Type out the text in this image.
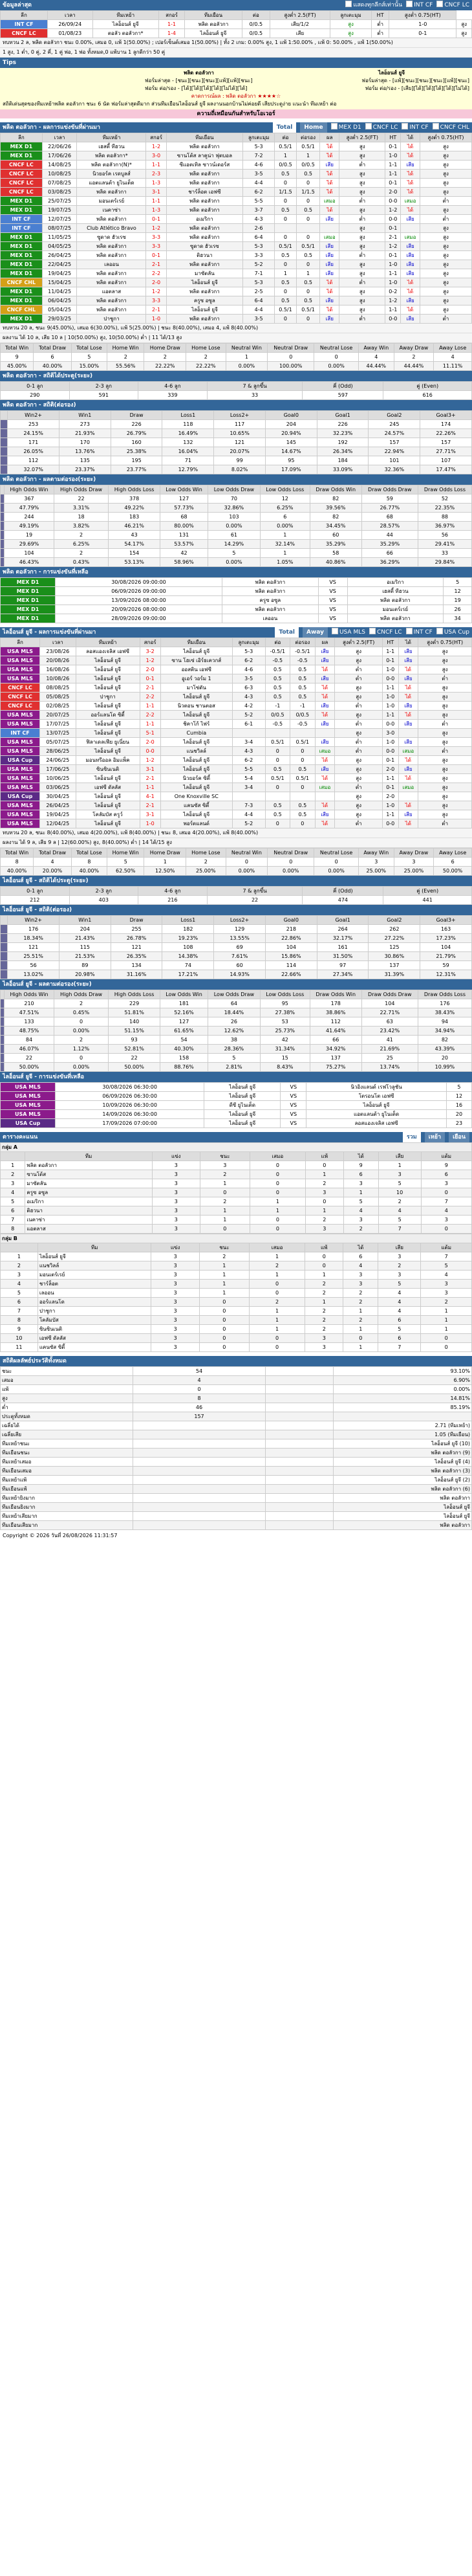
ข้อมูลล่าสุด	แสดงทุกลีกส์เท่านั้น	INT CF	CNCF LC
ลีก	เวลา	ทีมเหย้า	สกอร์	ทีมเยือน	ต่อ	สูงต่ำ 2.5(FT)	ลูกเตะมุม	HT	สูงต่ำ 0.75(HT)	
INT CF	26/09/24	ไลอ็อนส์ ยูจี	1-1	พลิด ตอลัวกา	0/0.5	เสีย/1/2	สูง	ต่ำ	1-0	สูง
CNCF LC	01/08/23	ตอลัว ตอลัวกา*	1-4	ไลอ็อนส์ ยูจี	0/0.5	เสีย	สูง	ต่ำ	0-1	สูง
ทบทวน 2 ล, พลิด ตอลัวกา ชนะ 0.00%, เสมอ 0, แพ้ 1(50.00%) ; เปอร์เซ็นต์เสมอ 1(50.00%) | ทั้ง 2 เกม: 0.00% สูง, 1 แพ้ 1:50.00% , แพ้ 0: 50.00% , แพ้ 1(50.00%)
1 สูง, 1 ต่ำ, 0 คู่, 2 คี่, 1 คู่ พ่อ, 1 พ่อ ทั้งหมด,0 แพ้บาน 1 ลูกดีกว่า 50 คู่
Tips
พลิด ตอลัวกา	ไลอ็อนส์ ยูจี
ฟอร์มล่าสุด - [ชนะ][ชนะ][ชนะ][แพ้][แพ้][ชนะ]	ฟอร์มล่าสุด - [แพ้][ชนะ][ชนะ][ชนะ][แพ้][ชนะ]
ฟอร์ม ต่อ/รอง - [ได้][ได้][ได้][ได้][ไม่ได้][ได้]	ฟอร์ม ต่อ/รอง - [เสีย][ได้][ได้][ได้][ได้][ไม่ได้]
คาดการณ์ผล : พลิด ตอลัวกา ★★★★☆
สถิติเด่นสุดของทีมเหย้าพลิด ตอลัวกา ชนะ 6 นัด ฟอร์มล่าสุดดีมาก ส่วนทีมเยือนไลอ็อนส์ ยูจี ผลงานนอกบ้านไม่ค่อยดี เสียประตูง่าย แนะนำ ทีมเหย้า ต่อ
ความถี่เหมือนกันสำหรับโอเวอร์
พลิด ตอลัวกา - ผลการแข่งขันที่ผ่านมา	Total	Home	MEX D1	CNCF LC	INT CF	CNCF CHL
ลีก	เวลา	ทีมเหย้า	สกอร์	ทีมเยือน	ลูกเตะมุม	ต่อ	ต่อรอง	ผล	สูงต่ำ 2.5(FT)	HT	ได้	สูงต่ำ 0.75(HT)
MEX D1	22/06/26	เฮสตี้ ทีฮวน	1-2	พลิด ตอลัวกา	5-3	0.5/1	0.5/1	ได้	สูง	0-1	ได้	สูง
MEX D1	17/06/26	พลิด ตอลัวกา*	3-0	ซานโต้ส ลาคูน่า ฟุตบอล	7-2	1	1	ได้	สูง	1-0	ได้	สูง
CNCF LC	14/08/25	พลิด ตอลัวกา(N)*	1-1	ซีแอตเทิล ซาวน์เดอร์ส	4-6	0/0.5	0/0.5	เสีย	ต่ำ	1-1	เสีย	สูง
CNCF LC	10/08/25	นิวยอร์ค เรดบูลส์	2-3	พลิด ตอลัวกา	3-5	0.5	0.5	ได้	สูง	1-1	ได้	สูง
CNCF LC	07/08/25	แอตแลนต้า ยูไนเต็ด	1-3	พลิด ตอลัวกา	4-4	0	0	ได้	สูง	0-1	ได้	สูง
CNCF LC	03/08/25	พลิด ตอลัวกา	3-1	ชาร์ล็อต เอฟซี	6-2	1/1.5	1/1.5	ได้	สูง	2-0	ได้	สูง
MEX D1	25/07/25	มอนเตร์เรย์	1-1	พลิด ตอลัวกา	5-5	0	0	เสมอ	ต่ำ	0-0	เสมอ	ต่ำ
MEX D1	19/07/25	เนคาซ่า	1-3	พลิด ตอลัวกา	3-7	0.5	0.5	ได้	สูง	1-2	ได้	สูง
INT CF	12/07/25	พลิด ตอลัวกา	0-1	อเมริกา	4-3	0	0	เสีย	ต่ำ	0-0	เสีย	ต่ำ
INT CF	08/07/25	Club Atlético Bravo	1-2	พลิด ตอลัวกา	2-6				สูง	0-1		สูง
MEX D1	11/05/25	ซูดาด ฮัวเรซ	3-3	พลิด ตอลัวกา	6-4	0	0	เสมอ	สูง	2-1	เสมอ	สูง
MEX D1	04/05/25	พลิด ตอลัวกา	3-3	ซูดาด ฮัวเรซ	5-3	0.5/1	0.5/1	เสีย	สูง	1-2	เสีย	สูง
MEX D1	26/04/25	พลิด ตอลัวกา	0-1	ติฮวนา	3-3	0.5	0.5	เสีย	ต่ำ	0-1	เสีย	สูง
MEX D1	22/04/25	เลออน	2-1	พลิด ตอลัวกา	5-2	0	0	เสีย	สูง	1-0	เสีย	สูง
MEX D1	19/04/25	พลิด ตอลัวกา	2-2	มาซัตลัน	7-1	1	1	เสีย	สูง	1-1	เสีย	สูง
CNCF CHL	15/04/25	พลิด ตอลัวกา	2-0	ไลอ็อนส์ ยูจี	5-3	0.5	0.5	ได้	ต่ำ	1-0	ได้	สูง
MEX D1	11/04/25	แอตลาส	1-2	พลิด ตอลัวกา	2-5	0	0	ได้	สูง	0-2	ได้	สูง
MEX D1	06/04/25	พลิด ตอลัวกา	3-3	ครูซ อซูล	6-4	0.5	0.5	เสีย	สูง	1-2	เสีย	สูง
CNCF CHL	05/04/25	พลิด ตอลัวกา	2-1	ไลอ็อนส์ ยูจี	4-4	0.5/1	0.5/1	ได้	สูง	1-1	ได้	สูง
MEX D1	29/03/25	ปาชูกา	1-0	พลิด ตอลัวกา	3-5	0	0	เสีย	ต่ำ	0-0	เสีย	ต่ำ
ทบทวน 20 ล, ชนะ 9(45.00%), เสมอ 6(30.00%), แพ้ 5(25.00%) | ชนะ 8(40.00%), เสมอ 4, แพ้ 8(40.00%)
ผลงาน ได้ 10 ล, เสีย 10 ล | 10(50.00%) สูง, 10(50.00%) ต่ำ | 11 ได้/13 สูง
Total Win	Total Draw	Total Lose	Home Win	Home Draw	Home Lose	Neutral Win	Neutral Draw	Neutral Lose	Away Win	Away Draw	Away Lose
9	6	5	2	2	2	1	0	0	4	2	4
45.00%	40.00%	15.00%	55.56%	22.22%	22.22%	0.00%	100.00%	0.00%	44.44%	44.44%	11.11%
พลิด ตอลัวกา - สถิติได้ประตู(ระยะ)
0-1 ลูก	2-3 ลูก	4-6 ลูก	7 & ลูกขึ้น	คี่ (Odd)	คู่ (Even)
290	591	339	33	597	616
พลิด ตอลัวกา - สถิติ(ต่อรอง)
	Win2+	Win1	Draw	Loss1	Loss2+	Goal0	Goal1	Goal2	Goal3+
	253	273	226	118	117	204	226	245	174
	24.15%	21.93%	26.79%	16.49%	10.65%	20.94%	32.23%	24.57%	22.26%
	171	170	160	132	121	145	192	157	157
	26.05%	13.76%	25.38%	16.04%	20.07%	14.67%	26.34%	22.94%	27.71%
	112	135	195	71	99	95	184	101	107
	32.07%	23.37%	23.77%	12.79%	8.02%	17.09%	33.09%	32.36%	17.47%
พลิด ตอลัวกา - ผลตามต่อรอง(ระยะ)
	High Odds Win	High Odds Draw	High Odds Loss	Low Odds Win	Low Odds Draw	Low Odds Loss	Draw Odds Win	Draw Odds Draw	Draw Odds Loss
	367	22	378	127	70	12	82	59	52
	47.79%	3.31%	49.22%	57.73%	32.86%	6.25%	39.56%	26.77%	22.35%
	244	18	183	68	103	6	82	68	88
	49.19%	3.82%	46.21%	80.00%	0.00%	0.00%	34.45%	28.57%	36.97%
	19	2	43	131	61	1	60	44	56
	29.69%	6.25%	54.17%	53.57%	14.29%	32.14%	35.29%	35.29%	29.41%
	104	2	154	42	5	1	58	66	33
	46.43%	0.43%	53.13%	58.96%	0.00%	1.05%	40.86%	36.29%	29.84%
พลิด ตอลัวกา - การแข่งขันที่เหลือ
MEX D1	30/08/2026 09:00:00	พลิด ตอลัวกา	VS	อเมริกา	5
MEX D1	06/09/2026 09:00:00	พลิด ตอลัวกา	VS	เฮสตี้ ทีฮวน	12
MEX D1	13/09/2026 08:00:00	ครูซ อซูล	VS	พลิด ตอลัวกา	19
MEX D1	20/09/2026 08:00:00	พลิด ตอลัวกา	VS	มอนเตร์เรย์	26
MEX D1	28/09/2026 09:00:00	เลออน	VS	พลิด ตอลัวกา	34
ไลอ็อนส์ ยูจี - ผลการแข่งขันที่ผ่านมา	Total	Away	USA MLS	CNCF LC	INT CF	USA Cup
ลีก	เวลา	ทีมเหย้า	สกอร์	ทีมเยือน	ลูกเตะมุม	ต่อ	ต่อรอง	ผล	สูงต่ำ 2.5(FT)	HT	ได้	สูงต่ำ 0.75(HT)
USA MLS	23/08/26	ลอสแองเจลิส เอฟซี	3-2	ไลอ็อนส์ ยูจี	5-3	-0.5/1	-0.5/1	เสีย	สูง	1-1	เสีย	สูง
USA MLS	20/08/26	ไลอ็อนส์ ยูจี	1-2	ซาน โฮเซ่ เอิร์ธเควกส์	6-2	-0.5	-0.5	เสีย	สูง	0-1	เสีย	สูง
USA MLS	16/08/26	ไลอ็อนส์ ยูจี	2-0	ออสติน เอฟซี	4-6	0.5	0.5	ได้	ต่ำ	1-0	ได้	สูง
USA MLS	10/08/26	ไลอ็อนส์ ยูจี	0-1	อูเอร์ วอร์ม 1	3-5	0.5	0.5	เสีย	ต่ำ	0-0	เสีย	ต่ำ
CNCF LC	08/08/25	ไลอ็อนส์ ยูจี	2-1	มาโซ่ตัน	6-3	0.5	0.5	ได้	สูง	1-1	ได้	สูง
CNCF LC	05/08/25	ปาชูกา	2-2	ไลอ็อนส์ ยูจี	4-3	0.5	0.5	ได้	สูง	1-0	ได้	สูง
CNCF LC	02/08/25	ไลอ็อนส์ ยูจี	1-1	นิวตอน ชานตอส	4-2	-1	-1	เสีย	ต่ำ	1-0	เสีย	สูง
USA MLS	20/07/25	ออร์แลนโด ซิตี้	2-2	ไลอ็อนส์ ยูจี	5-2	0/0.5	0/0.5	ได้	สูง	1-1	ได้	สูง
USA MLS	17/07/25	ไลอ็อนส์ ยูจี	1-1	ชิคาโก้ ไฟร์	6-1	-0.5	-0.5	เสีย	ต่ำ	0-0	เสีย	ต่ำ
INT CF	13/07/25	ไลอ็อนส์ ยูจี	5-1	Cumbia					สูง	3-0		สูง
USA MLS	05/07/25	ฟิลาเดลเฟีย ยูเนี่ยน	2-0	ไลอ็อนส์ ยูจี	3-4	0.5/1	0.5/1	เสีย	ต่ำ	1-0	เสีย	สูง
USA MLS	28/06/25	ไลอ็อนส์ ยูจี	0-0	แนชวิลล์	4-3	0	0	เสมอ	ต่ำ	0-0	เสมอ	ต่ำ
USA Cup	24/06/25	มอนทรีออล อิมแพ็ค	1-2	ไลอ็อนส์ ยูจี	6-2	0	0	ได้	สูง	0-1	ได้	สูง
USA MLS	17/06/25	ซินซินเนติ	3-1	ไลอ็อนส์ ยูจี	5-5	0.5	0.5	เสีย	สูง	2-0	เสีย	สูง
USA MLS	10/06/25	ไลอ็อนส์ ยูจี	2-1	นิวยอร์ค ซิตี้	5-4	0.5/1	0.5/1	ได้	สูง	1-1	ได้	สูง
USA MLS	03/06/25	เอฟซี ดัลลัส	1-1	ไลอ็อนส์ ยูจี	3-4	0	0	เสมอ	ต่ำ	0-1	เสมอ	สูง
USA Cup	30/04/25	ไลอ็อนส์ ยูจี	4-1	One Knoxville SC					สูง	2-0		สูง
USA MLS	26/04/25	ไลอ็อนส์ ยูจี	2-1	แคนซัส ซิตี้	7-3	0.5	0.5	ได้	สูง	1-0	ได้	สูง
USA MLS	19/04/25	โคลัมบัส ครูว์	3-1	ไลอ็อนส์ ยูจี	4-4	0.5	0.5	เสีย	สูง	1-1	เสีย	สูง
USA MLS	12/04/25	ไลอ็อนส์ ยูจี	1-0	พอร์ตแลนด์	5-2	0	0	ได้	ต่ำ	0-0	ได้	ต่ำ
ทบทวน 20 ล, ชนะ 8(40.00%), เสมอ 4(20.00%), แพ้ 8(40.00%) | ชนะ 8, เสมอ 4(20.00%), แพ้ 8(40.00%)
ผลงาน ได้ 9 ล, เสีย 9 ล | 12(60.00%) สูง, 8(40.00%) ต่ำ | 14 ได้/15 สูง
Total Win	Total Draw	Total Lose	Home Win	Home Draw	Home Lose	Neutral Win	Neutral Draw	Neutral Lose	Away Win	Away Draw	Away Lose
8	4	8	5	1	2	0	0	0	3	3	6
40.00%	20.00%	40.00%	62.50%	12.50%	25.00%	0.00%	0.00%	0.00%	25.00%	25.00%	50.00%
ไลอ็อนส์ ยูจี - สถิติได้ประตู(ระยะ)
0-1 ลูก	2-3 ลูก	4-6 ลูก	7 & ลูกขึ้น	คี่ (Odd)	คู่ (Even)
212	403	216	22	474	441
ไลอ็อนส์ ยูจี - สถิติ(ต่อรอง)
	Win2+	Win1	Draw	Loss1	Loss2+	Goal0	Goal1	Goal2	Goal3+
	176	204	255	182	129	218	264	262	163
	18.34%	21.43%	26.78%	19.23%	13.55%	22.86%	32.17%	27.22%	17.23%
	121	115	121	108	69	104	161	125	104
	25.51%	21.53%	26.35%	14.38%	7.61%	15.86%	31.50%	30.86%	21.79%
	56	89	134	74	60	114	97	137	59
	13.02%	20.98%	31.16%	17.21%	14.93%	22.66%	27.34%	31.39%	12.31%
ไลอ็อนส์ ยูจี - ผลตามต่อรอง(ระยะ)
	High Odds Win	High Odds Draw	High Odds Loss	Low Odds Win	Low Odds Draw	Low Odds Loss	Draw Odds Win	Draw Odds Draw	Draw Odds Loss
	210	2	229	181	64	95	178	104	176
	47.51%	0.45%	51.81%	52.16%	18.44%	27.38%	38.86%	22.71%	38.43%
	133	0	140	127	26	53	112	63	94
	48.75%	0.00%	51.15%	61.65%	12.62%	25.73%	41.64%	23.42%	34.94%
	84	2	93	54	38	42	66	41	82
	46.07%	1.12%	52.81%	40.30%	28.36%	31.34%	34.92%	21.69%	43.39%
	22	0	22	158	5	15	137	25	20
	50.00%	0.00%	50.00%	88.76%	2.81%	8.43%	75.27%	13.74%	10.99%
ไลอ็อนส์ ยูจี - การแข่งขันที่เหลือ
USA MLS	30/08/2026 06:30:00	ไลอ็อนส์ ยูจี	VS	นิวอิงแลนด์ เรฟโวลูชัน	5
USA MLS	06/09/2026 06:30:00	ไลอ็อนส์ ยูจี	VS	โตรอนโต เอฟซี	12
USA MLS	10/09/2026 06:30:00	ดีซี ยูไนเต็ด	VS	ไลอ็อนส์ ยูจี	16
USA MLS	14/09/2026 06:30:00	ไลอ็อนส์ ยูจี	VS	แอตแลนต้า ยูไนเต็ด	20
USA Cup	17/09/2026 07:00:00	ไลอ็อนส์ ยูจี	VS	ลอสแองเจลิส เอฟซี	23
ตารางคะแนน	รวม	เหย้า	เยือน
กลุ่ม A								
	ทีม	แข่ง	ชนะ	เสมอ	แพ้	ได้	เสีย	แต้ม
1	พลิด ตอลัวกา	3	3	0	0	9	1	9
2	ซานโต้ส	3	2	0	1	6	3	6
3	มาซัตลัน	3	1	0	2	3	5	3
4	ครูซ อซูล	3	0	0	3	1	10	0
5	อเมริกา	3	2	1	0	5	2	7
6	ติฮวนา	3	1	1	1	4	4	4
7	เนคาซ่า	3	1	0	2	3	5	3
8	แอตลาส	3	0	0	3	2	7	0
กลุ่ม B								
	ทีม	แข่ง	ชนะ	เสมอ	แพ้	ได้	เสีย	แต้ม
1	ไลอ็อนส์ ยูจี	3	2	1	0	6	3	7
2	แนชวิลล์	3	1	2	0	4	2	5
3	มอนเตร์เรย์	3	1	1	1	3	3	4
4	ชาร์ล็อต	3	1	0	2	3	5	3
5	เลออน	3	1	0	2	2	4	3
6	ออร์แลนโด	3	0	2	1	2	4	2
7	ปาชูกา	3	0	1	2	1	4	1
8	โคลัมบัส	3	0	1	2	2	6	1
9	ซินซินเนติ	3	0	1	2	1	5	1
10	เอฟซี ดัลลัส	3	0	0	3	0	6	0
11	แคนซัส ซิตี้	3	0	0	3	1	7	0
สถิติผลลัพธ์ประวัติทั้งหมด
ชนะ	54		93.10%
เสมอ	4		6.90%
แพ้	0		0.00%
สูง	8		14.81%
ต่ำ	46		85.19%
ประตูทั้งหมด	157		
เฉลี่ยได้			2.71 (ทีมเหย้า)
เฉลี่ยเสีย			1.05 (ทีมเยือน)
ทีมเหย้าชนะ			ไลอ็อนส์ ยูจี (10)
ทีมเยือนชนะ			พลิด ตอลัวกา (9)
ทีมเหย้าเสมอ			ไลอ็อนส์ ยูจี (4)
ทีมเยือนเสมอ			พลิด ตอลัวกา (3)
ทีมเหย้าแพ้			ไลอ็อนส์ ยูจี (2)
ทีมเยือนแพ้			พลิด ตอลัวกา (6)
ทีมเหย้ายิงมาก			พลิด ตอลัวกา
ทีมเยือนยิงมาก			ไลอ็อนส์ ยูจี
ทีมเหย้าเสียมาก			ไลอ็อนส์ ยูจี
ทีมเยือนเสียมาก			พลิด ตอลัวกา
Copyright © 2026 วันที่ 26/08/2026 11:31:57
